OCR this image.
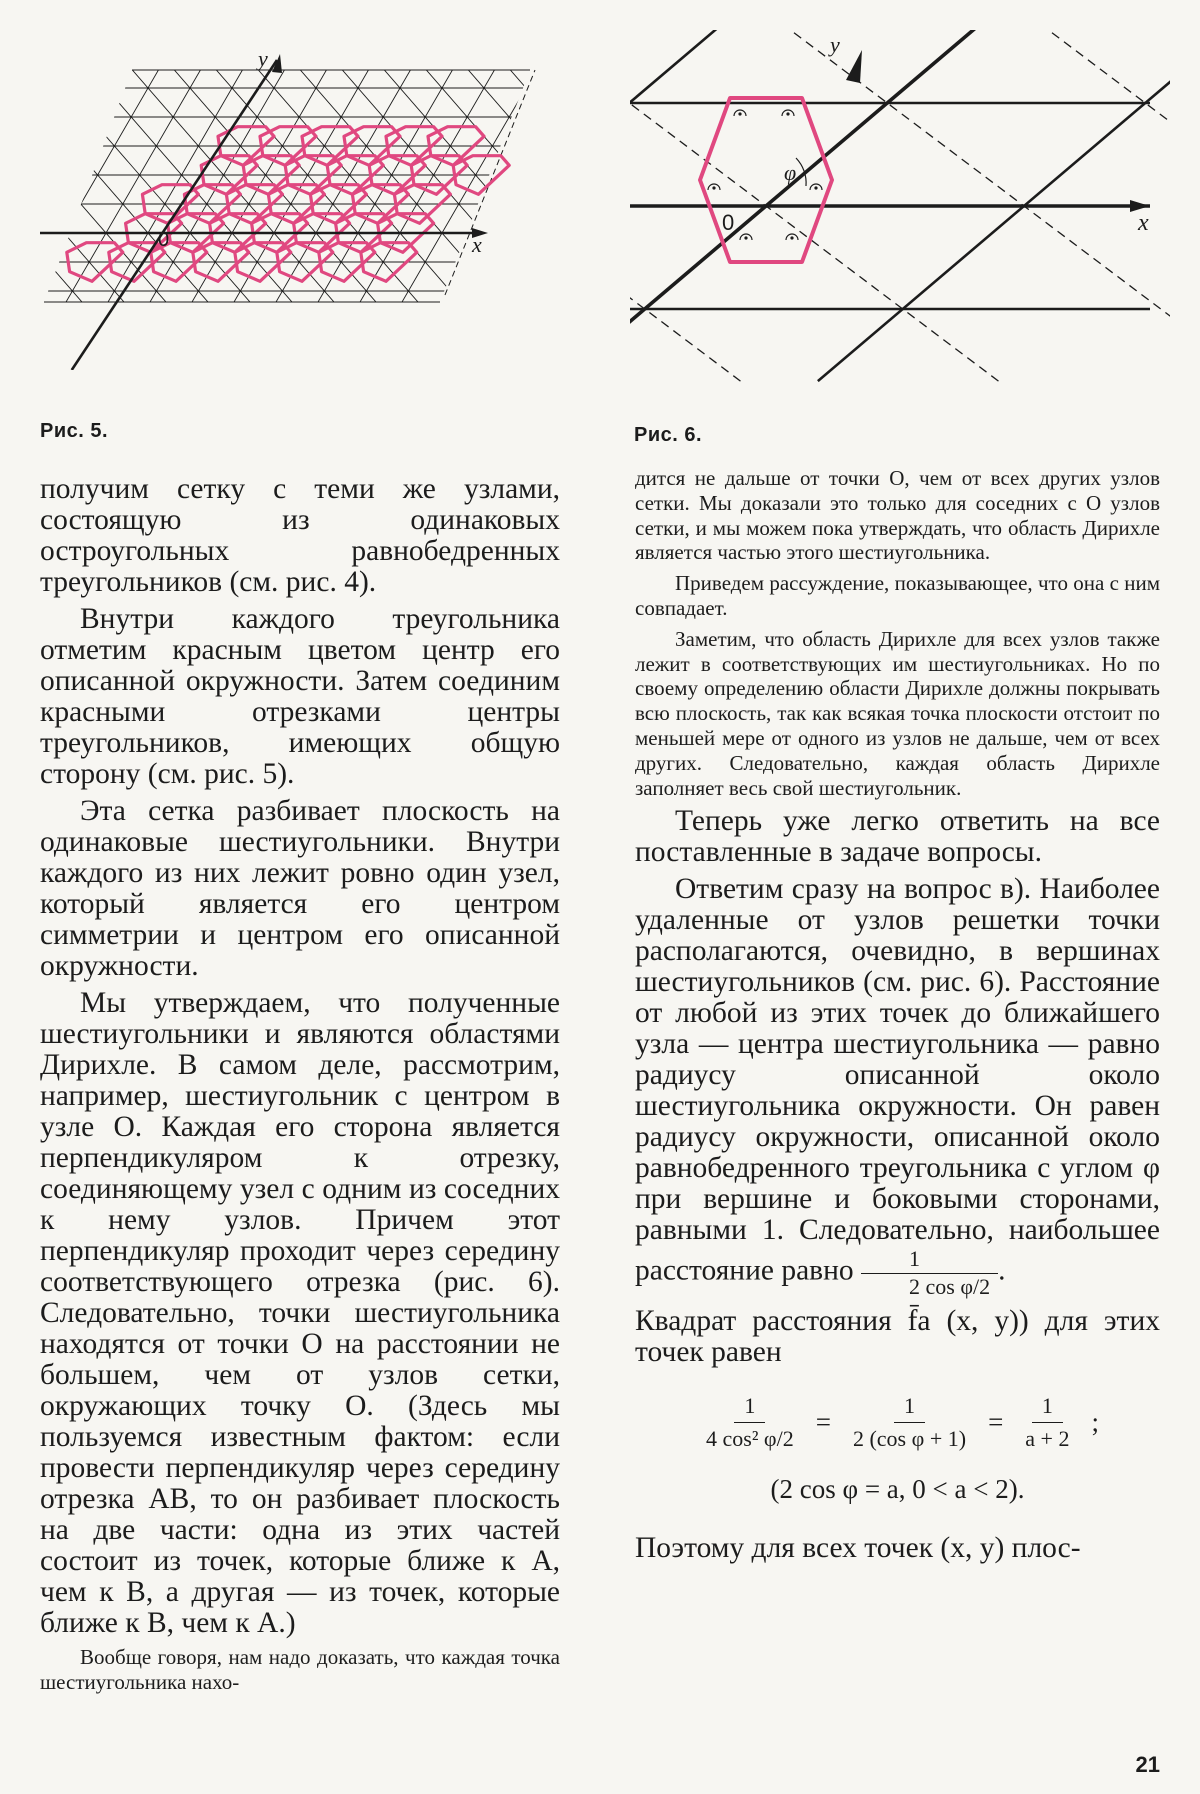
x
y
0
Рис. 5.
φ
x
y
0
Рис. 6.

получим сетку с теми же узлами, состоящую из одинаковых остроугольных равнобедренных треугольников (см. рис. 4).

Внутри каждого треугольника отметим красным цветом центр его описанной окружности. Затем соединим красными отрезками центры треугольников, имеющих общую сторону (см. рис. 5).

Эта сетка разбивает плоскость на одинаковые шестиугольники. Внутри каждого из них лежит ровно один узел, который является его центром симметрии и центром его описанной окружности.

Мы утверждаем, что полученные шестиугольники и являются областями Дирихле. В самом деле, рассмотрим, например, шестиугольник с центром в узле O. Каждая его сторона является перпендикуляром к отрезку, соединяющему узел с одним из соседних к нему узлов. Причем этот перпендикуляр проходит через середину соответствующего отрезка (рис. 6). Следовательно, точки шестиугольника находятся от точки O на расстоянии не большем, чем от узлов сетки, окружающих точку O. (Здесь мы пользуемся известным фактом: если провести перпендикуляр через середину отрезка AB, то он разбивает плоскость на две части: одна из этих частей состоит из точек, которые ближе к A, чем к B, а другая — из точек, которые ближе к B, чем к A.)

Вообще говоря, нам надо доказать, что каждая точка шестиугольника нахо-

дится не дальше от точки O, чем от всех других узлов сетки. Мы доказали это только для соседних с O узлов сетки, и мы можем пока утверждать, что область Дирихле является частью этого шестиугольника.

Приведем рассуждение, показывающее, что она с ним совпадает.

Заметим, что область Дирихле для всех узлов также лежит в соответствующих им шестиугольниках. Но по своему определению области Дирихле должны покрывать всю плоскость, так как всякая точка плоскости отстоит по меньшей мере от одного из узлов не дальше, чем от всех других. Следовательно, каждая область Дирихле заполняет весь свой шестиугольник.

Теперь уже легко ответить на все поставленные в задаче вопросы.

Ответим сразу на вопрос в). Наиболее удаленные от узлов решетки точки располагаются, очевидно, в вершинах шестиугольников (см. рис. 6). Расстояние от любой из этих точек до ближайшего узла — центра шестиугольника — равно радиусу описанной около шестиугольника окружности. Он равен радиусу окружности, описанной около равнобедренного треугольника с углом φ при вершине и боковыми сторонами, равными 1. Следовательно, наибольшее расстояние равно $\frac{1}{\text{2 cos φ/2}}$ .

Квадрат расстояния f̄a (x, y)) для этих точек равен

$\frac{1}{\text{4 cos² φ/2}} = \frac{1}{\text{2 (cos φ + 1)}} = \frac{1}{a + 2}$ ;
(2 cos φ = a, 0 < a < 2).

Поэтому для всех точек (x, y) плос-

21
